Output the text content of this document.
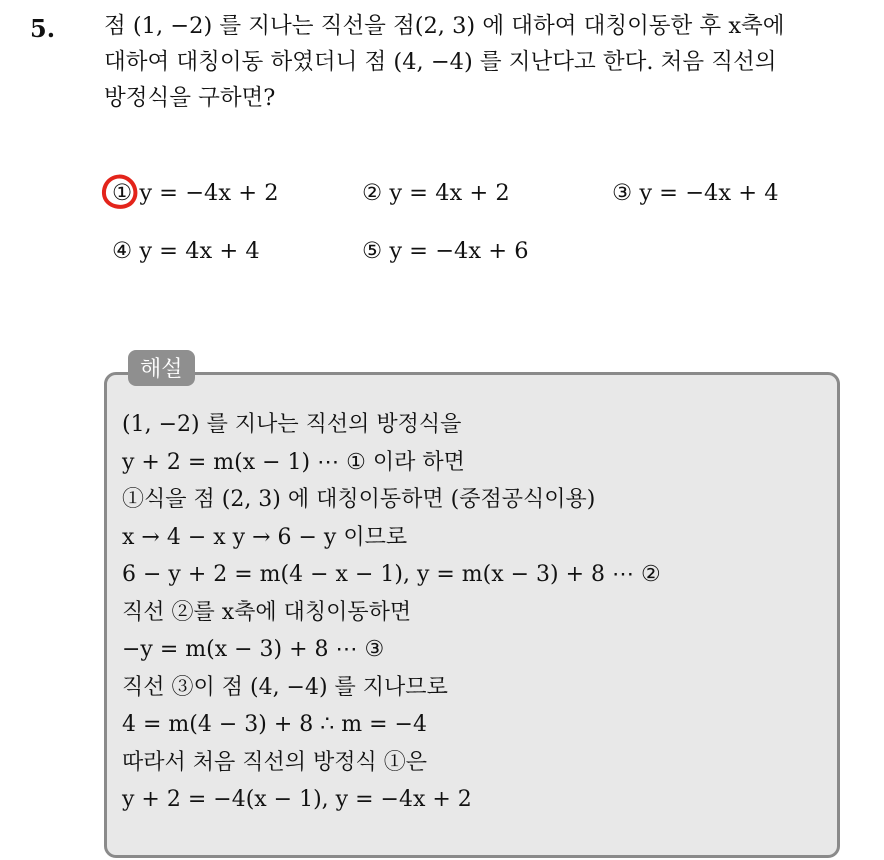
5. 점 (1, −2) 를 지나는 직선을 점(2, 3) 에 대하여 대칭이동한 후 x축에
대하여 대칭이동 하였더니 점 (4, −4) 를 지난다고 한다. 처음 직선의
방정식을 구하면?
① y = −4x + 2	② y = 4x + 2	③ y = −4x + 4
④ y = 4x + 4	⑤ y = −4x + 6
해설
(1, −2) 를 지나는 직선의 방정식을
y + 2 = m(x − 1) ⋯ ① 이라 하면
①식을 점 (2, 3) 에 대칭이동하면 (중점공식이용)
x → 4 − x y → 6 − y 이므로
6 − y + 2 = m(4 − x − 1), y = m(x − 3) + 8 ⋯ ②
직선 ②를 x축에 대칭이동하면
−y = m(x − 3) + 8 ⋯ ③
직선 ③이 점 (4, −4) 를 지나므로
4 = m(4 − 3) + 8 ∴ m = −4
따라서 처음 직선의 방정식 ①은
y + 2 = −4(x − 1), y = −4x + 2
